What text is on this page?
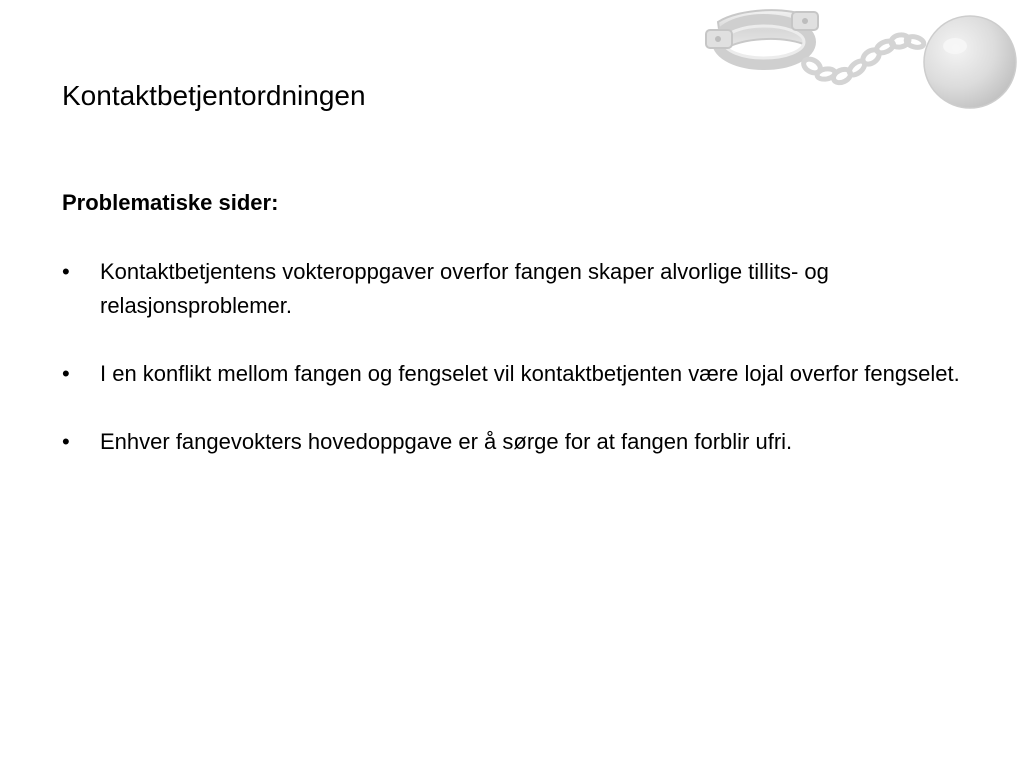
Kontaktbetjentordningen
Problematiske sider:
•	Kontaktbetjentens vokteroppgaver overfor fangen skaper alvorlige tillits- og relasjonsproblemer.
•	I en konflikt mellom fangen og fengselet vil kontaktbetjenten være lojal overfor fengselet.
•	Enhver fangevokters hovedoppgave er å sørge for at fangen forblir ufri.
